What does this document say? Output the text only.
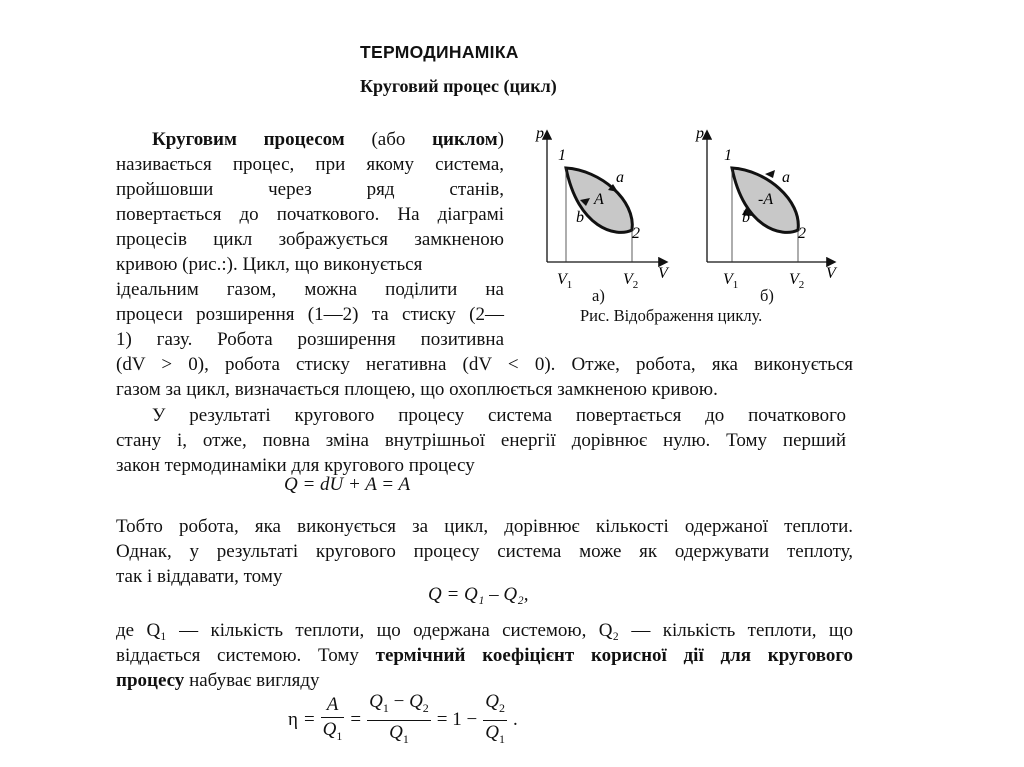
ТЕРМОДИНАМІКА
Круговий процес (цикл)
Круговим процесом (або циклом)
називається процес, при якому система,
пройшовши через ряд станів,
повертається до початкового. На діаграмі
процесів цикл зображується замкненою
кривою (рис.:). Цикл, що виконується
ідеальним газом, можна поділити на
процеси розширення (1—2) та стиску (2—
1) газу. Робота розширення позитивна
(dV > 0), робота стиску негативна (dV < 0). Отже, робота, яка виконується
газом за цикл, визначається площею, що охоплюється замкненою кривою.
У результаті кругового процесу система повертається до початкового
стану і, отже, повна зміна внутрішньої енергії дорівнює нулю. Тому перший
закон термодинаміки для кругового процесу
Q = dU + A = A
Тобто робота, яка виконується за цикл, дорівнює кількості одержаної теплоти.
Однак, у результаті кругового процесу система може як одержувати теплоту,
так і віддавати, тому
Q = Q₁ – Q₂,
де Q₁ — кількість теплоти, що одержана системою, Q₂ — кількість теплоти, що
віддається системою. Тому термічний коефіцієнт корисної дії для кругового
процесу набуває вигляду
$\eta = \frac{A}{Q_1} = \frac{Q_1 - Q_2}{Q_1} = 1 - \frac{Q_2}{Q_1}$ .
p
V
1
2
a
b
A
$V_1$	$V_2$
а)
p
V
1
2
a
b
-A
$V_1$	$V_2$
б)
Рис. Відображення циклу.
